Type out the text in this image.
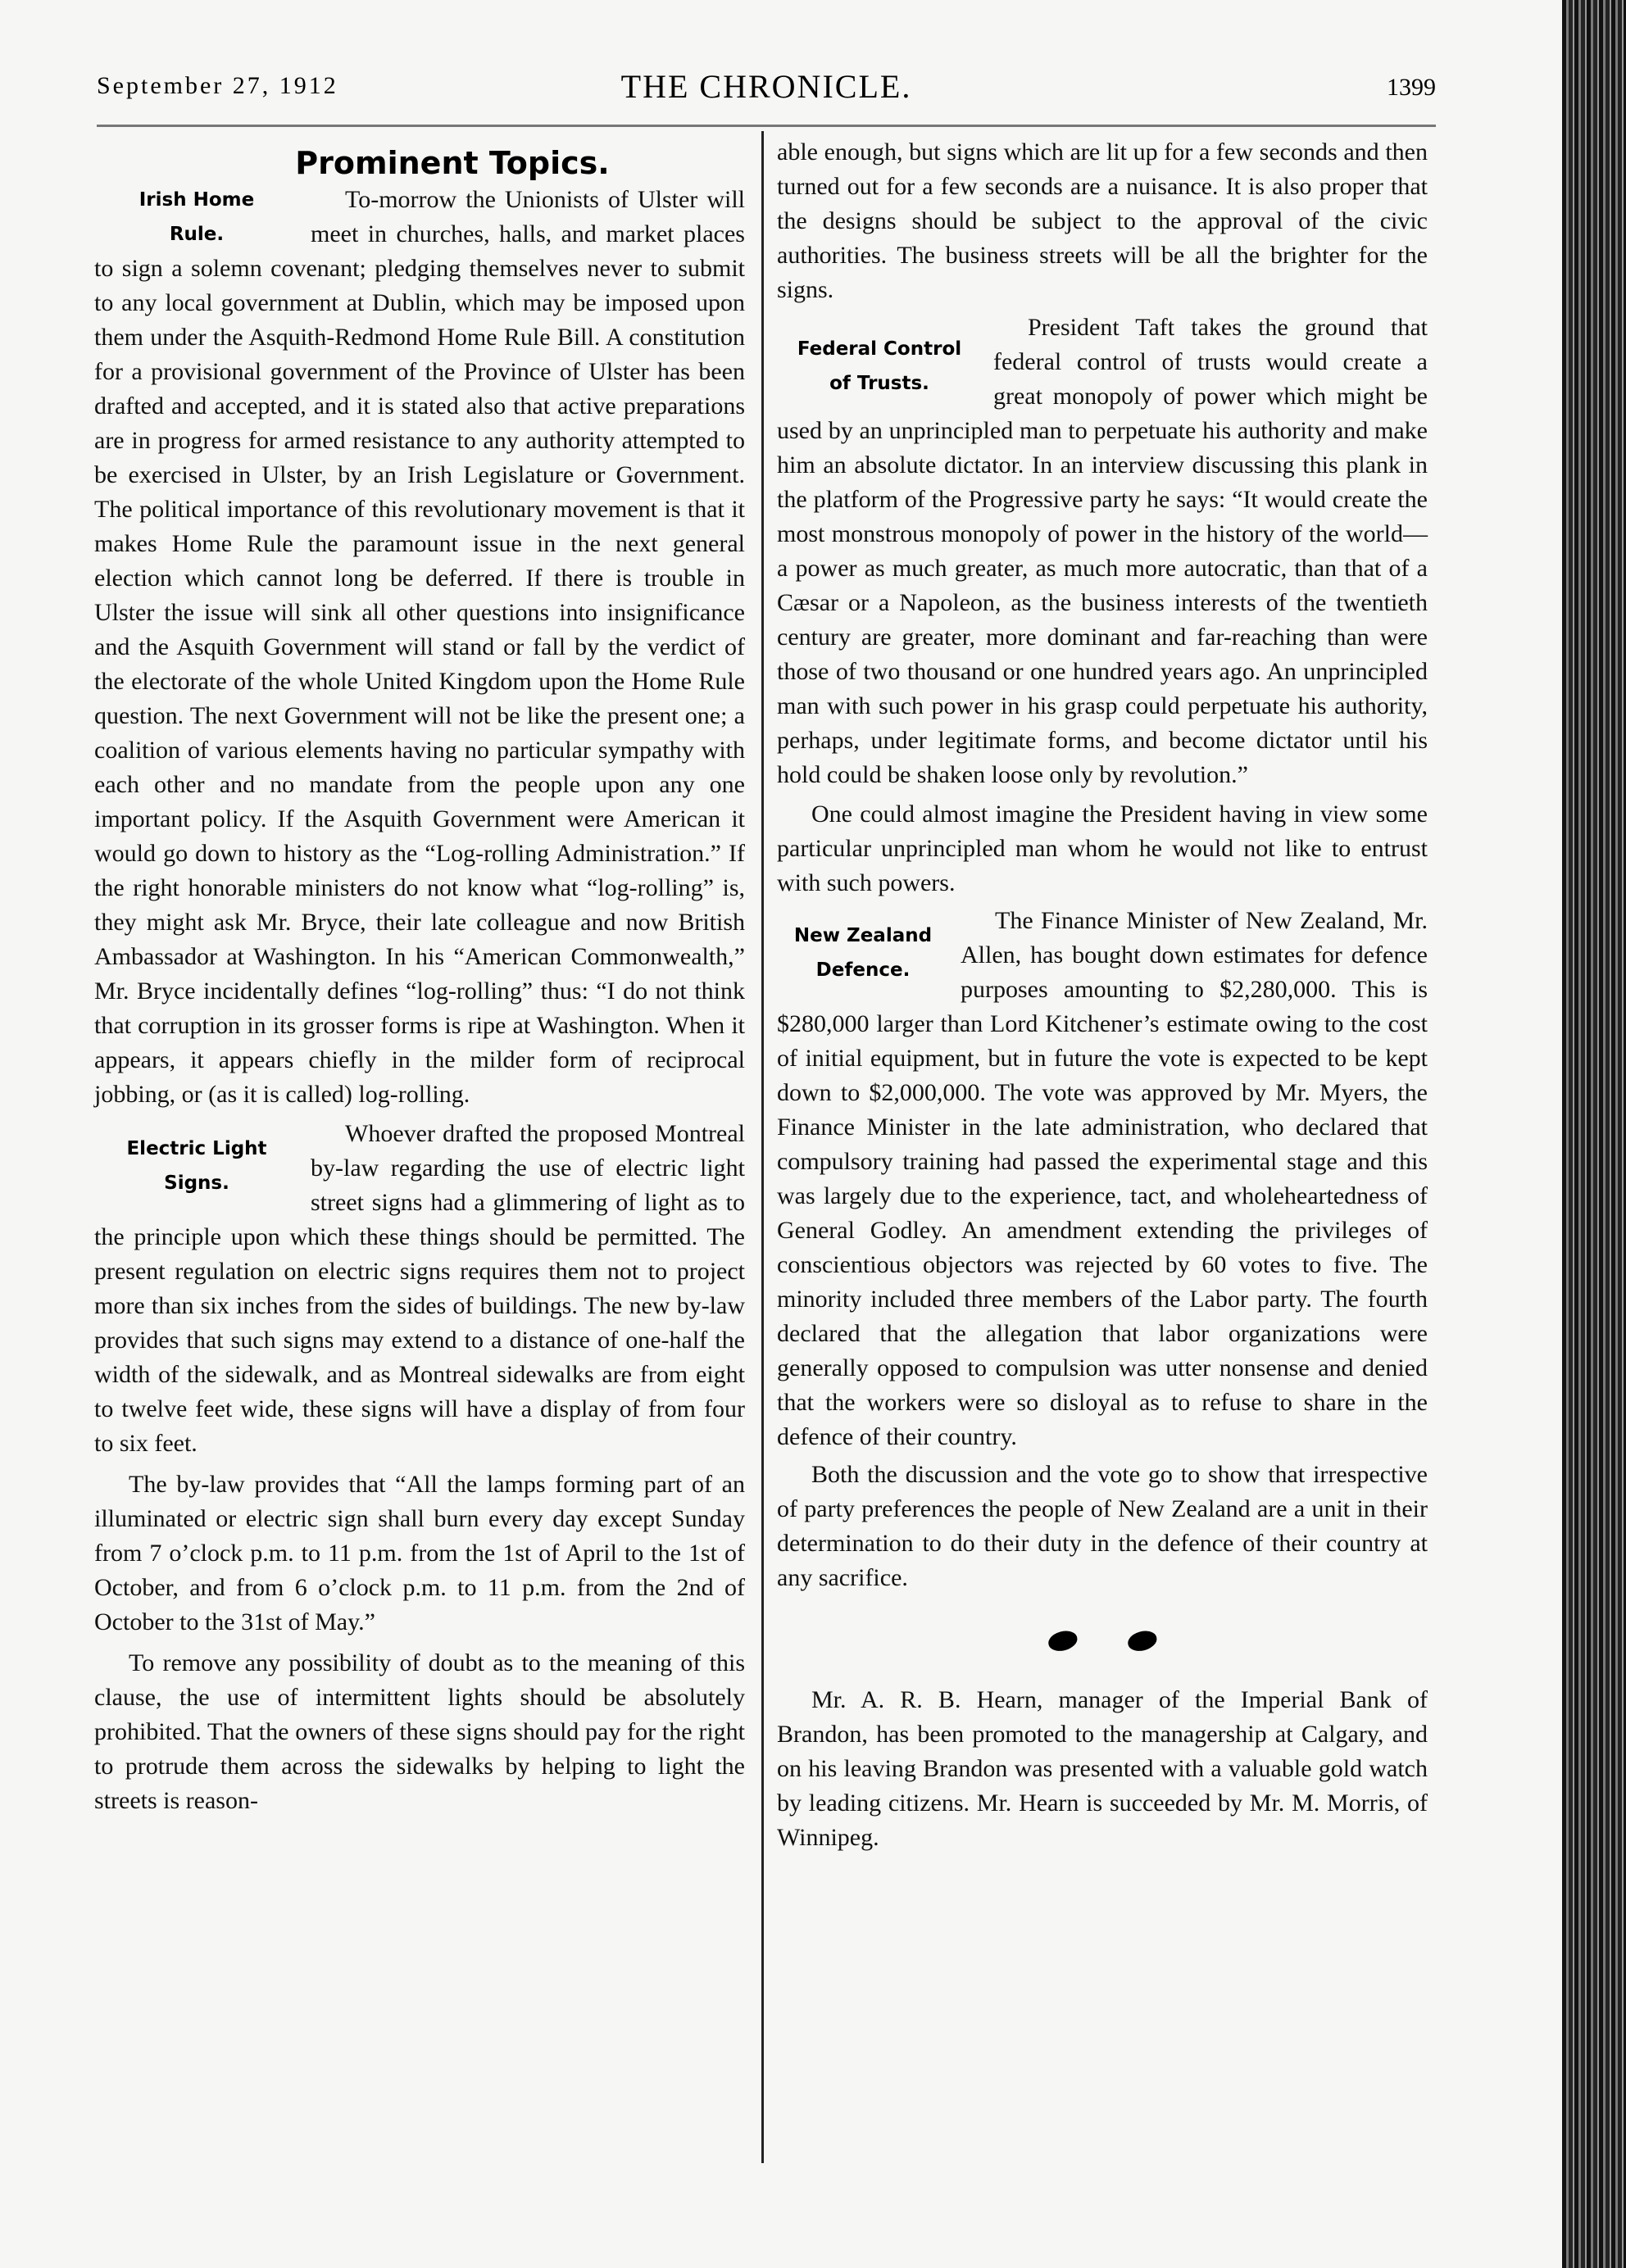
September 27, 1912	THE CHRONICLE.	1399
Prominent Topics.
Irish Home
Rule.

To-morrow the Unionists of Ulster will meet in churches, halls, and market places to sign a solemn covenant; pledging themselves never to submit to any local government at Dublin, which may be imposed upon them under the Asquith-Redmond Home Rule Bill. A constitution for a provisional government of the Province of Ulster has been drafted and accepted, and it is stated also that active preparations are in progress for armed resistance to any authority attempted to be exercised in Ulster, by an Irish Legislature or Government. The political importance of this revolutionary movement is that it makes Home Rule the paramount issue in the next general election which cannot long be deferred. If there is trouble in Ulster the issue will sink all other questions into insignificance and the Asquith Government will stand or fall by the verdict of the electorate of the whole United Kingdom upon the Home Rule question. The next Government will not be like the present one; a coalition of various elements having no particular sympathy with each other and no mandate from the people upon any one important policy. If the Asquith Government were American it would go down to history as the “Log-rolling Administration.” If the right honorable ministers do not know what “log-rolling” is, they might ask Mr. Bryce, their late colleague and now British Ambassador at Washington. In his “American Commonwealth,” Mr. Bryce incidentally defines “log-rolling” thus: “I do not think that corruption in its grosser forms is ripe at Washington. When it appears, it appears chiefly in the milder form of reciprocal jobbing, or (as it is called) log-rolling.

Electric Light
Signs.

Whoever drafted the proposed Montreal by-law regarding the use of electric light street signs had a glimmering of light as to the principle upon which these things should be permitted. The present regulation on electric signs requires them not to project more than six inches from the sides of buildings. The new by-law provides that such signs may extend to a distance of one-half the width of the sidewalk, and as Montreal sidewalks are from eight to twelve feet wide, these signs will have a display of from four to six feet.

The by-law provides that “All the lamps forming part of an illuminated or electric sign shall burn every day except Sunday from 7 o’clock p.m. to 11 p.m. from the 1st of April to the 1st of October, and from 6 o’clock p.m. to 11 p.m. from the 2nd of October to the 31st of May.”

To remove any possibility of doubt as to the meaning of this clause, the use of intermittent lights should be absolutely prohibited. That the owners of these signs should pay for the right to protrude them across the sidewalks by helping to light the streets is reason-

able enough, but signs which are lit up for a few seconds and then turned out for a few seconds are a nuisance. It is also proper that the designs should be subject to the approval of the civic authorities. The business streets will be all the brighter for the signs.

Federal Control
of Trusts.

President Taft takes the ground that federal control of trusts would create a great monopoly of power which might be used by an unprincipled man to perpetuate his authority and make him an absolute dictator. In an interview discussing this plank in the platform of the Progressive party he says: “It would create the most monstrous monopoly of power in the history of the world—a power as much greater, as much more autocratic, than that of a Cæsar or a Napoleon, as the business interests of the twentieth century are greater, more dominant and far-reaching than were those of two thousand or one hundred years ago. An unprincipled man with such power in his grasp could perpetuate his authority, perhaps, under legitimate forms, and become dictator until his hold could be shaken loose only by revolution.”

One could almost imagine the President having in view some particular unprincipled man whom he would not like to entrust with such powers.

New Zealand
Defence.

The Finance Minister of New Zealand, Mr. Allen, has bought down estimates for defence purposes amounting to $2,280,000. This is $280,000 larger than Lord Kitchener’s estimate owing to the cost of initial equipment, but in future the vote is expected to be kept down to $2,000,000. The vote was approved by Mr. Myers, the Finance Minister in the late administration, who declared that compulsory training had passed the experimental stage and this was largely due to the experience, tact, and wholeheartedness of General Godley. An amendment extending the privileges of conscientious objectors was rejected by 60 votes to five. The minority included three members of the Labor party. The fourth declared that the allegation that labor organizations were generally opposed to compulsion was utter nonsense and denied that the workers were so disloyal as to refuse to share in the defence of their country.

Both the discussion and the vote go to show that irrespective of party preferences the people of New Zealand are a unit in their determination to do their duty in the defence of their country at any sacrifice.

⬬ ⬬

Mr. A. R. B. Hearn, manager of the Imperial Bank of Brandon, has been promoted to the managership at Calgary, and on his leaving Brandon was presented with a valuable gold watch by leading citizens. Mr. Hearn is succeeded by Mr. M. Morris, of Winnipeg.
